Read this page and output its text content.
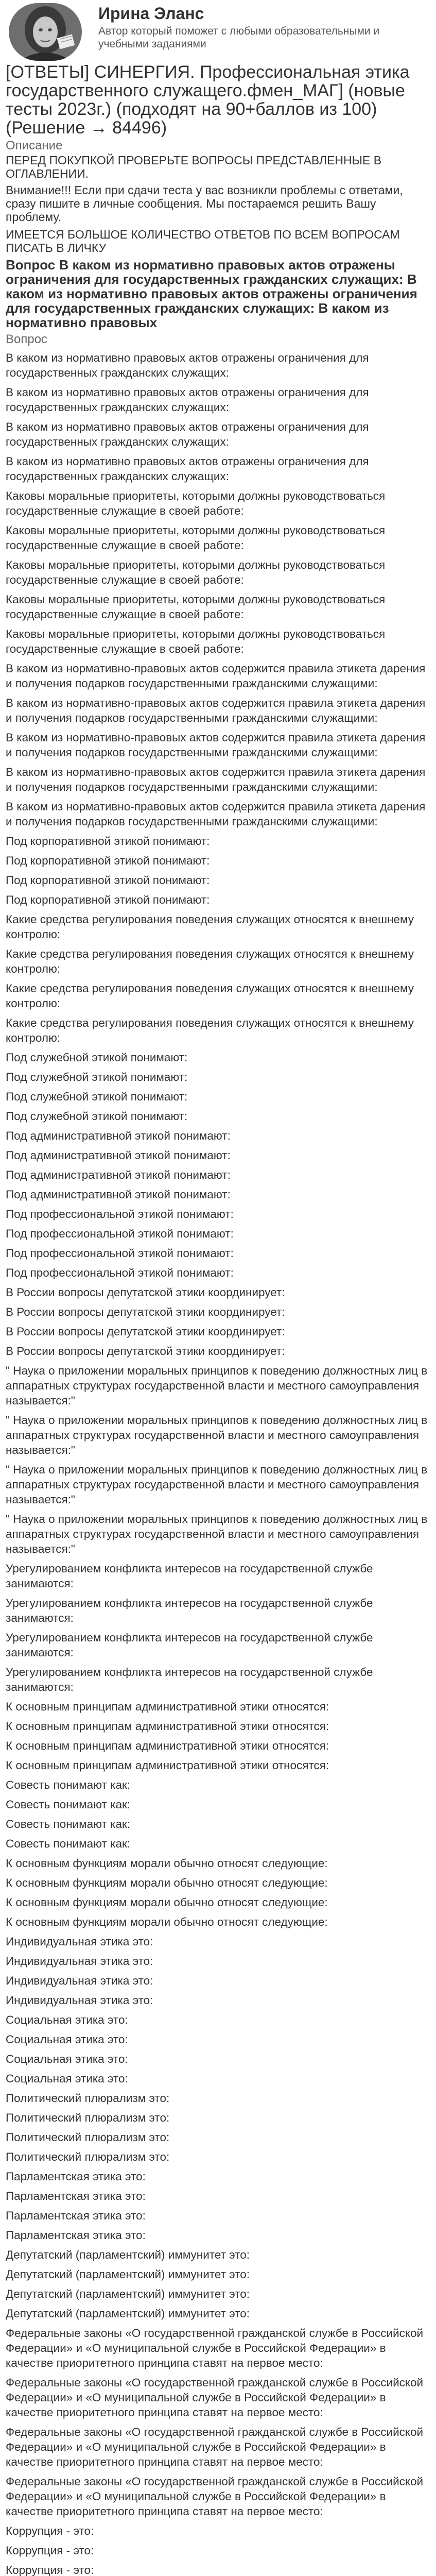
Ирина Эланс
Автор который поможет с любыми образовательными и учебными заданиями
[ОТВЕТЫ] СИНЕРГИЯ. Профессиональная этика государственного служащего.фмен_МАГ] (новые тесты 2023г.) (подходят на 90+баллов из 100) (Решение → 84496)
Описание
ПЕРЕД ПОКУПКОЙ ПРОВЕРЬТЕ ВОПРОСЫ ПРЕДСТАВЛЕННЫЕ В ОГЛАВЛЕНИИ.
Внимание!!! Если при сдачи теста у вас возникли проблемы с ответами, сразу пишите в личные сообщения. Мы постараемся решить Вашу проблему.
ИМЕЕТСЯ БОЛЬШОЕ КОЛИЧЕСТВО ОТВЕТОВ ПО ВСЕМ ВОПРОСАМ ПИСАТЬ В ЛИЧКУ
Вопрос В каком из нормативно правовых актов отражены ограничения для государственных гражданских служащих: В каком из нормативно правовых актов отражены ограничения для государственных гражданских служащих: В каком из нормативно правовых
Вопрос
В каком из нормативно правовых актов отражены ограничения для государственных гражданских служащих:
В каком из нормативно правовых актов отражены ограничения для государственных гражданских служащих:
В каком из нормативно правовых актов отражены ограничения для государственных гражданских служащих:
В каком из нормативно правовых актов отражены ограничения для государственных гражданских служащих:
Каковы моральные приоритеты, которыми должны руководствоваться государственные служащие в своей работе:
Каковы моральные приоритеты, которыми должны руководствоваться государственные служащие в своей работе:
Каковы моральные приоритеты, которыми должны руководствоваться государственные служащие в своей работе:
Каковы моральные приоритеты, которыми должны руководствоваться государственные служащие в своей работе:
Каковы моральные приоритеты, которыми должны руководствоваться государственные служащие в своей работе:
В каком из нормативно-правовых актов содержится правила этикета дарения и получения подарков государственными гражданскими служащими:
В каком из нормативно-правовых актов содержится правила этикета дарения и получения подарков государственными гражданскими служащими:
В каком из нормативно-правовых актов содержится правила этикета дарения и получения подарков государственными гражданскими служащими:
В каком из нормативно-правовых актов содержится правила этикета дарения и получения подарков государственными гражданскими служащими:
В каком из нормативно-правовых актов содержится правила этикета дарения и получения подарков государственными гражданскими служащими:
Под корпоративной этикой понимают:
Под корпоративной этикой понимают:
Под корпоративной этикой понимают:
Под корпоративной этикой понимают:
Какие средства регулирования поведения служащих относятся к внешнему контролю:
Какие средства регулирования поведения служащих относятся к внешнему контролю:
Какие средства регулирования поведения служащих относятся к внешнему контролю:
Какие средства регулирования поведения служащих относятся к внешнему контролю:
Под служебной этикой понимают:
Под служебной этикой понимают:
Под служебной этикой понимают:
Под служебной этикой понимают:
Под административной этикой понимают:
Под административной этикой понимают:
Под административной этикой понимают:
Под административной этикой понимают:
Под профессиональной этикой понимают:
Под профессиональной этикой понимают:
Под профессиональной этикой понимают:
Под профессиональной этикой понимают:
В России вопросы депутатской этики координирует:
В России вопросы депутатской этики координирует:
В России вопросы депутатской этики координирует:
В России вопросы депутатской этики координирует:
" Наука о приложении моральных принципов к поведению должностных лиц в аппаратных структурах государственной власти и местного самоуправления называется:"
" Наука о приложении моральных принципов к поведению должностных лиц в аппаратных структурах государственной власти и местного самоуправления называется:"
" Наука о приложении моральных принципов к поведению должностных лиц в аппаратных структурах государственной власти и местного самоуправления называется:"
" Наука о приложении моральных принципов к поведению должностных лиц в аппаратных структурах государственной власти и местного самоуправления называется:"
Урегулированием конфликта интересов на государственной службе занимаются:
Урегулированием конфликта интересов на государственной службе занимаются:
Урегулированием конфликта интересов на государственной службе занимаются:
Урегулированием конфликта интересов на государственной службе занимаются:
К основным принципам административной этики относятся:
К основным принципам административной этики относятся:
К основным принципам административной этики относятся:
К основным принципам административной этики относятся:
Совесть понимают как:
Совесть понимают как:
Совесть понимают как:
Совесть понимают как:
К основным функциям морали обычно относят следующие:
К основным функциям морали обычно относят следующие:
К основным функциям морали обычно относят следующие:
К основным функциям морали обычно относят следующие:
Индивидуальная этика это:
Индивидуальная этика это:
Индивидуальная этика это:
Индивидуальная этика это:
Социальная этика это:
Социальная этика это:
Социальная этика это:
Социальная этика это:
Политический плюрализм это:
Политический плюрализм это:
Политический плюрализм это:
Политический плюрализм это:
Парламентская этика это:
Парламентская этика это:
Парламентская этика это:
Парламентская этика это:
Депутатский (парламентский) иммунитет это:
Депутатский (парламентский) иммунитет это:
Депутатский (парламентский) иммунитет это:
Депутатский (парламентский) иммунитет это:
Федеральные законы «О государственной гражданской службе в Российской Федерации» и «О муниципальной службе в Российской Федерации» в качестве приоритетного принципа ставят на первое место:
Федеральные законы «О государственной гражданской службе в Российской Федерации» и «О муниципальной службе в Российской Федерации» в качестве приоритетного принципа ставят на первое место:
Федеральные законы «О государственной гражданской службе в Российской Федерации» и «О муниципальной службе в Российской Федерации» в качестве приоритетного принципа ставят на первое место:
Федеральные законы «О государственной гражданской службе в Российской Федерации» и «О муниципальной службе в Российской Федерации» в качестве приоритетного принципа ставят на первое место:
Коррупция - это:
Коррупция - это:
Коррупция - это:
